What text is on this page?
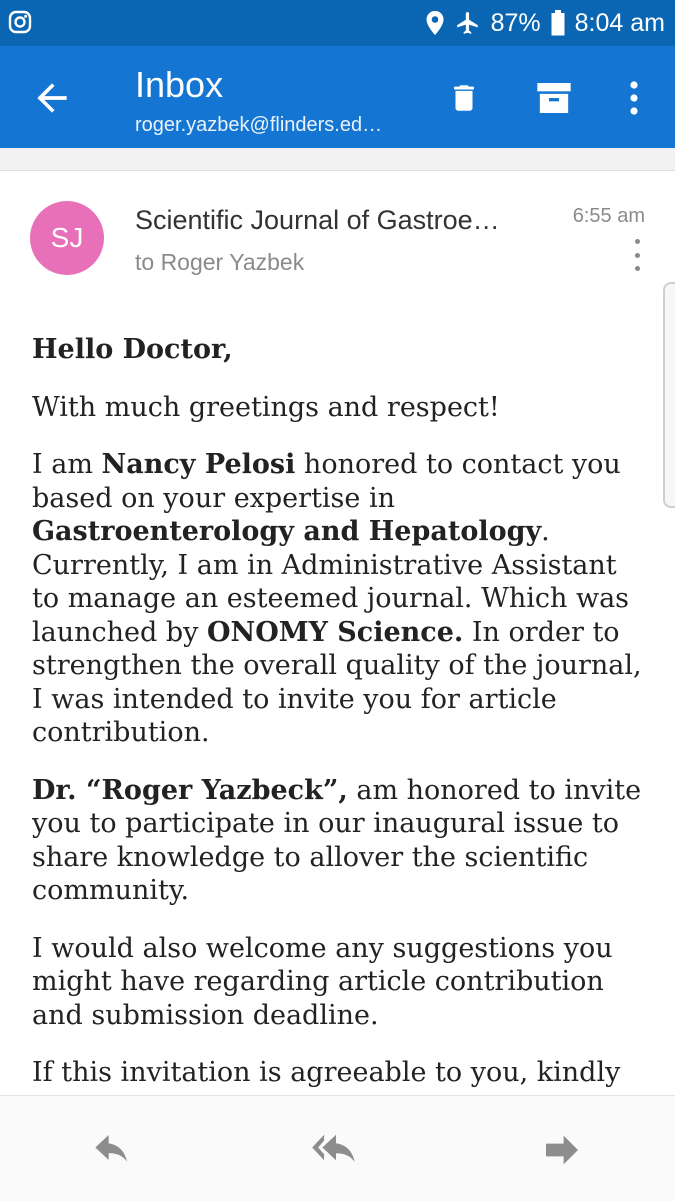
87% 8:04 am
Inbox
roger.yazbek@flinders.ed…
SJ
Scientific Journal of Gastroe…
to Roger Yazbek
6:55 am

Hello Doctor,

With much greetings and respect!

I am Nancy Pelosi honored to contact you based on your expertise in Gastroenterology and Hepatology. Currently, I am in Administrative Assistant to manage an esteemed journal. Which was launched by ONOMY Science. In order to strengthen the overall quality of the journal, I was intended to invite you for article contribution.

Dr. “Roger Yazbeck”, am honored to invite you to participate in our inaugural issue to share knowledge to allover the scientific community.

I would also welcome any suggestions you might have regarding article contribution and submission deadline.

If this invitation is agreeable to you, kindly
